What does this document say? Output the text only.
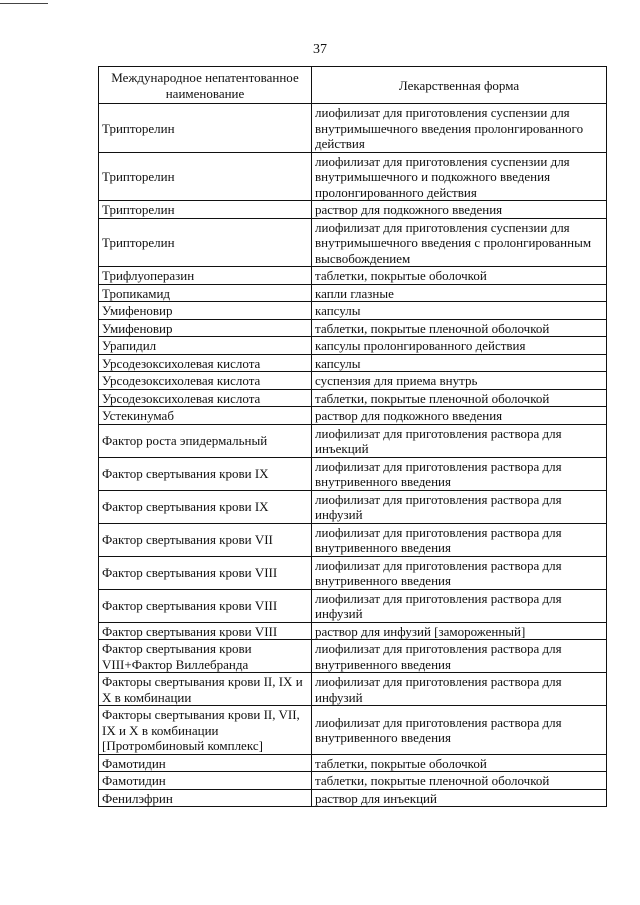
37
Международное непатентованное наименование	Лекарственная форма
Трипторелин	лиофилизат для приготовления суспензии для внутримышечного введения пролонгированного действия
Трипторелин	лиофилизат для приготовления суспензии для внутримышечного и подкожного введения пролонгированного действия
Трипторелин	раствор для подкожного введения
Трипторелин	лиофилизат для приготовления суспензии для внутримышечного введения с пролонгированным высвобождением
Трифлуоперазин	таблетки, покрытые оболочкой
Тропикамид	капли глазные
Умифеновир	капсулы
Умифеновир	таблетки, покрытые пленочной оболочкой
Урапидил	капсулы пролонгированного действия
Урсодезоксихолевая кислота	капсулы
Урсодезоксихолевая кислота	суспензия для приема внутрь
Урсодезоксихолевая кислота	таблетки, покрытые пленочной оболочкой
Устекинумаб	раствор для подкожного введения
Фактор роста эпидермальный	лиофилизат для приготовления раствора для инъекций
Фактор свертывания крови IX	лиофилизат для приготовления раствора для внутривенного введения
Фактор свертывания крови IX	лиофилизат для приготовления раствора для инфузий
Фактор свертывания крови VII	лиофилизат для приготовления раствора для внутривенного введения
Фактор свертывания крови VIII	лиофилизат для приготовления раствора для внутривенного введения
Фактор свертывания крови VIII	лиофилизат для приготовления раствора для инфузий
Фактор свертывания крови VIII	раствор для инфузий [замороженный]
Фактор свертывания крови VIII+Фактор Виллебранда	лиофилизат для приготовления раствора для внутривенного введения
Факторы свертывания крови II, IX и X в комбинации	лиофилизат для приготовления раствора для инфузий
Факторы свертывания крови II, VII, IX и X в комбинации [Протромбиновый комплекс]	лиофилизат для приготовления раствора для внутривенного введения
Фамотидин	таблетки, покрытые оболочкой
Фамотидин	таблетки, покрытые пленочной оболочкой
Фенилэфрин	раствор для инъекций
